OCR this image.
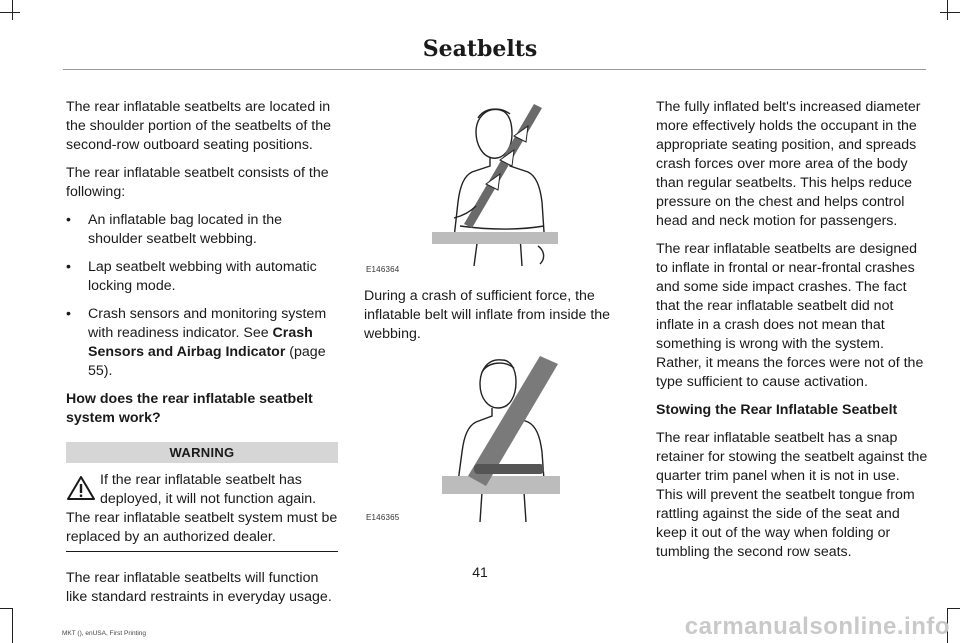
Seatbelts

The rear inflatable seatbelts are located in the shoulder portion of the seatbelts of the second-row outboard seating positions.

The rear inflatable seatbelt consists of the following:

• An inflatable bag located in the shoulder seatbelt webbing.
• Lap seatbelt webbing with automatic locking mode.
• Crash sensors and monitoring system with readiness indicator. See Crash Sensors and Airbag Indicator (page 55).

How does the rear inflatable seatbelt system work?

WARNING

If the rear inflatable seatbelt has deployed, it will not function again. The rear inflatable seatbelt system must be replaced by an authorized dealer.

The rear inflatable seatbelts will function like standard restraints in everyday usage.

E146364

During a crash of sufficient force, the inflatable belt will inflate from inside the webbing.

E146365

The fully inflated belt's increased diameter more effectively holds the occupant in the appropriate seating position, and spreads crash forces over more area of the body than regular seatbelts. This helps reduce pressure on the chest and helps control head and neck motion for passengers.

The rear inflatable seatbelts are designed to inflate in frontal or near-frontal crashes and some side impact crashes. The fact that the rear inflatable seatbelt did not inflate in a crash does not mean that something is wrong with the system. Rather, it means the forces were not of the type sufficient to cause activation.

Stowing the Rear Inflatable Seatbelt

The rear inflatable seatbelt has a snap retainer for stowing the seatbelt against the quarter trim panel when it is not in use. This will prevent the seatbelt tongue from rattling against the side of the seat and keep it out of the way when folding or tumbling the second row seats.

41
MKT (), enUSA, First Printing	carmanualsonline.info
